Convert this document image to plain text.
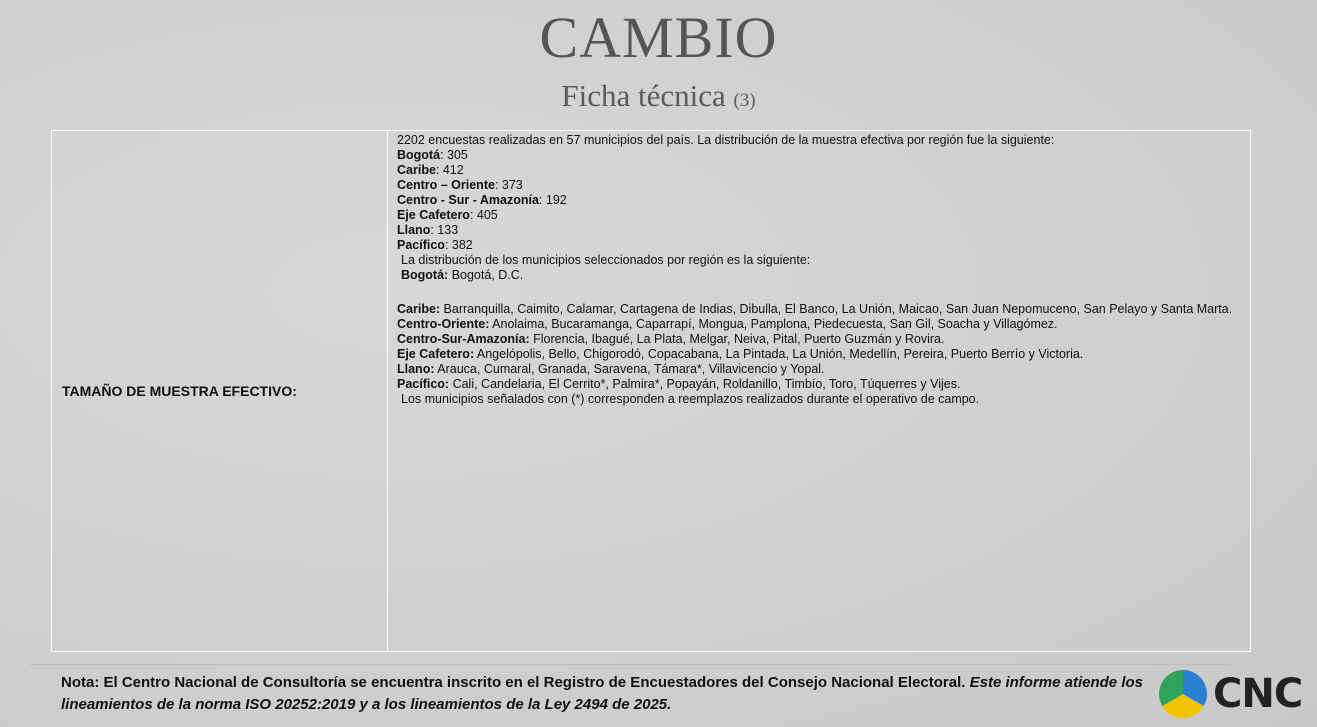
CAMBIO
Ficha técnica (3)
TAMAÑO DE MUESTRA EFECTIVO:

2202 encuestas realizadas en 57 municipios del país. La distribución de la muestra efectiva por región fue la siguiente:

Bogotá: 305

Caribe: 412

Centro – Oriente: 373

Centro - Sur - Amazonía: 192

Eje Cafetero: 405

Llano: 133

Pacífico: 382

La distribución de los municipios seleccionados por región es la siguiente:

Bogotá: Bogotá, D.C.

Caribe: Barranquilla, Caimito, Calamar, Cartagena de Indias, Dibulla, El Banco, La Unión, Maicao, San Juan Nepomuceno, San Pelayo y Santa Marta.

Centro-Oriente: Anolaima, Bucaramanga, Caparrapí, Mongua, Pamplona, Piedecuesta, San Gil, Soacha y Villagómez.

Centro-Sur-Amazonía: Florencia, Ibagué, La Plata, Melgar, Neiva, Pital, Puerto Guzmán y Rovira.

Eje Cafetero: Angelópolis, Bello, Chigorodó, Copacabana, La Pintada, La Unión, Medellín, Pereira, Puerto Berrío y Victoria.

Llano: Arauca, Cumaral, Granada, Saravena, Támara*, Villavicencio y Yopal.

Pacífico: Cali, Candelaria, El Cerrito*, Palmira*, Popayán, Roldanillo, Timbío, Toro, Túquerres y Vijes.

Los municipios señalados con (*) corresponden a reemplazos realizados durante el operativo de campo.

Nota: El Centro Nacional de Consultoría se encuentra inscrito en el Registro de Encuestadores del Consejo Nacional Electoral. Este informe atiende los lineamientos de la norma ISO 20252:2019 y a los lineamientos de la Ley 2494 de 2025.	CNC
